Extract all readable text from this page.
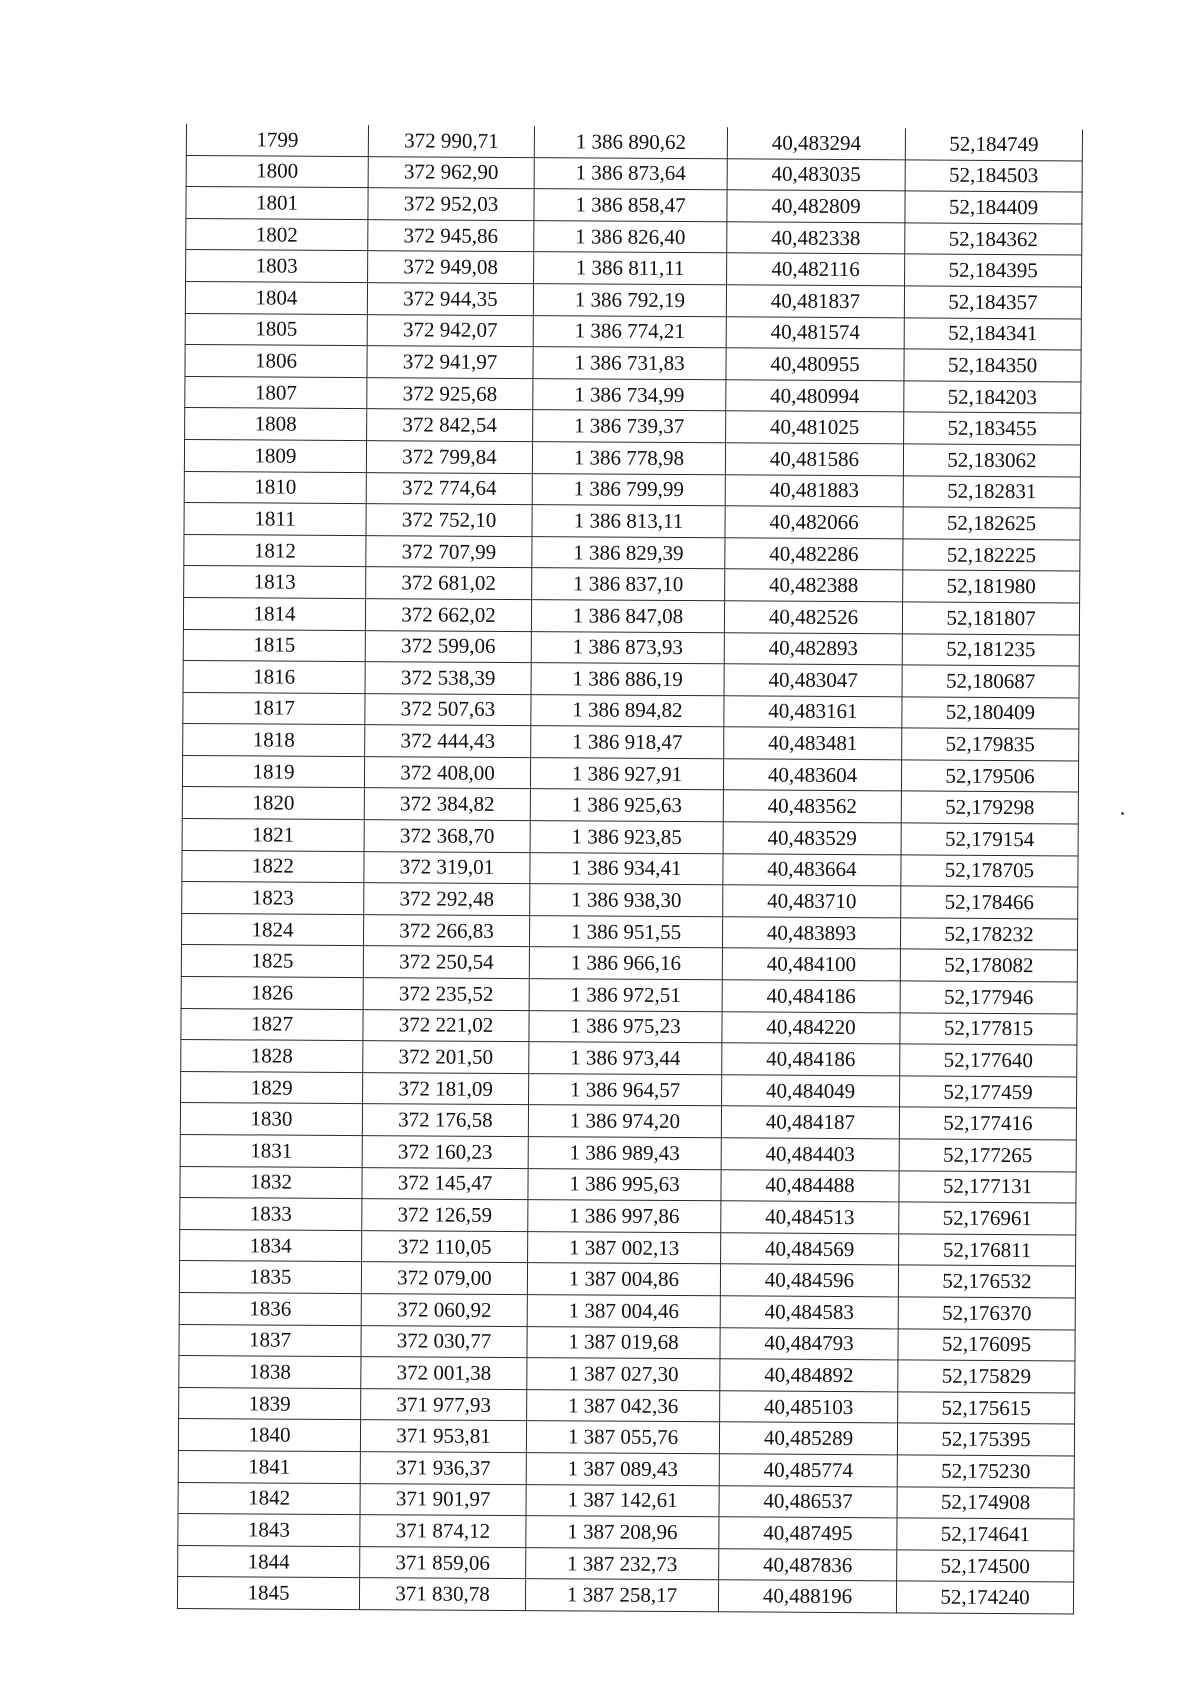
1799	372 990,71	1 386 890,62	40,483294	52,184749
1800	372 962,90	1 386 873,64	40,483035	52,184503
1801	372 952,03	1 386 858,47	40,482809	52,184409
1802	372 945,86	1 386 826,40	40,482338	52,184362
1803	372 949,08	1 386 811,11	40,482116	52,184395
1804	372 944,35	1 386 792,19	40,481837	52,184357
1805	372 942,07	1 386 774,21	40,481574	52,184341
1806	372 941,97	1 386 731,83	40,480955	52,184350
1807	372 925,68	1 386 734,99	40,480994	52,184203
1808	372 842,54	1 386 739,37	40,481025	52,183455
1809	372 799,84	1 386 778,98	40,481586	52,183062
1810	372 774,64	1 386 799,99	40,481883	52,182831
1811	372 752,10	1 386 813,11	40,482066	52,182625
1812	372 707,99	1 386 829,39	40,482286	52,182225
1813	372 681,02	1 386 837,10	40,482388	52,181980
1814	372 662,02	1 386 847,08	40,482526	52,181807
1815	372 599,06	1 386 873,93	40,482893	52,181235
1816	372 538,39	1 386 886,19	40,483047	52,180687
1817	372 507,63	1 386 894,82	40,483161	52,180409
1818	372 444,43	1 386 918,47	40,483481	52,179835
1819	372 408,00	1 386 927,91	40,483604	52,179506
1820	372 384,82	1 386 925,63	40,483562	52,179298
1821	372 368,70	1 386 923,85	40,483529	52,179154
1822	372 319,01	1 386 934,41	40,483664	52,178705
1823	372 292,48	1 386 938,30	40,483710	52,178466
1824	372 266,83	1 386 951,55	40,483893	52,178232
1825	372 250,54	1 386 966,16	40,484100	52,178082
1826	372 235,52	1 386 972,51	40,484186	52,177946
1827	372 221,02	1 386 975,23	40,484220	52,177815
1828	372 201,50	1 386 973,44	40,484186	52,177640
1829	372 181,09	1 386 964,57	40,484049	52,177459
1830	372 176,58	1 386 974,20	40,484187	52,177416
1831	372 160,23	1 386 989,43	40,484403	52,177265
1832	372 145,47	1 386 995,63	40,484488	52,177131
1833	372 126,59	1 386 997,86	40,484513	52,176961
1834	372 110,05	1 387 002,13	40,484569	52,176811
1835	372 079,00	1 387 004,86	40,484596	52,176532
1836	372 060,92	1 387 004,46	40,484583	52,176370
1837	372 030,77	1 387 019,68	40,484793	52,176095
1838	372 001,38	1 387 027,30	40,484892	52,175829
1839	371 977,93	1 387 042,36	40,485103	52,175615
1840	371 953,81	1 387 055,76	40,485289	52,175395
1841	371 936,37	1 387 089,43	40,485774	52,175230
1842	371 901,97	1 387 142,61	40,486537	52,174908
1843	371 874,12	1 387 208,96	40,487495	52,174641
1844	371 859,06	1 387 232,73	40,487836	52,174500
1845	371 830,78	1 387 258,17	40,488196	52,174240
